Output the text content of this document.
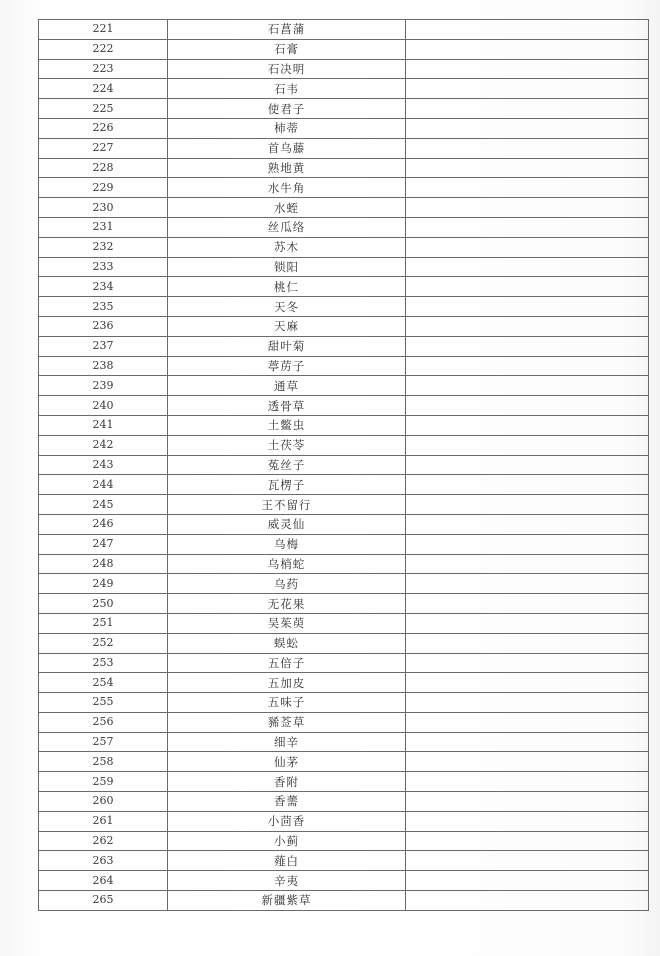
221	石菖蒲	
222	石膏	
223	石决明	
224	石韦	
225	使君子	
226	柿蒂	
227	首乌藤	
228	熟地黄	
229	水牛角	
230	水蛭	
231	丝瓜络	
232	苏木	
233	锁阳	
234	桃仁	
235	天冬	
236	天麻	
237	甜叶菊	
238	葶苈子	
239	通草	
240	透骨草	
241	土鳖虫	
242	土茯苓	
243	菟丝子	
244	瓦楞子	
245	王不留行	
246	威灵仙	
247	乌梅	
248	乌梢蛇	
249	乌药	
250	无花果	
251	吴茱萸	
252	蜈蚣	
253	五倍子	
254	五加皮	
255	五味子	
256	豨莶草	
257	细辛	
258	仙茅	
259	香附	
260	香薷	
261	小茴香	
262	小蓟	
263	薤白	
264	辛夷	
265	新疆紫草	
